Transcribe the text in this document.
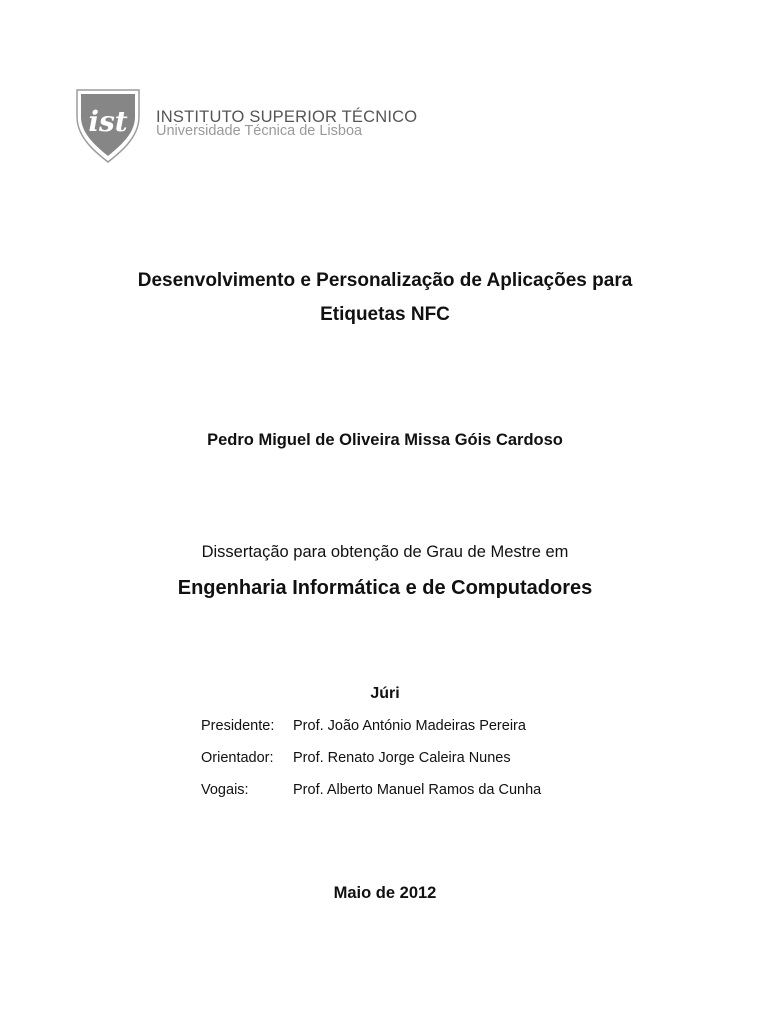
ist INSTITUTO SUPERIOR TÉCNICO
Universidade Técnica de Lisboa
Desenvolvimento e Personalização de Aplicações para
Etiquetas NFC
Pedro Miguel de Oliveira Missa Góis Cardoso
Dissertação para obtenção de Grau de Mestre em
Engenharia Informática e de Computadores
Júri
Presidente: Prof. João António Madeiras Pereira
Orientador: Prof. Renato Jorge Caleira Nunes
Vogais:	Prof. Alberto Manuel Ramos da Cunha
Maio de 2012
